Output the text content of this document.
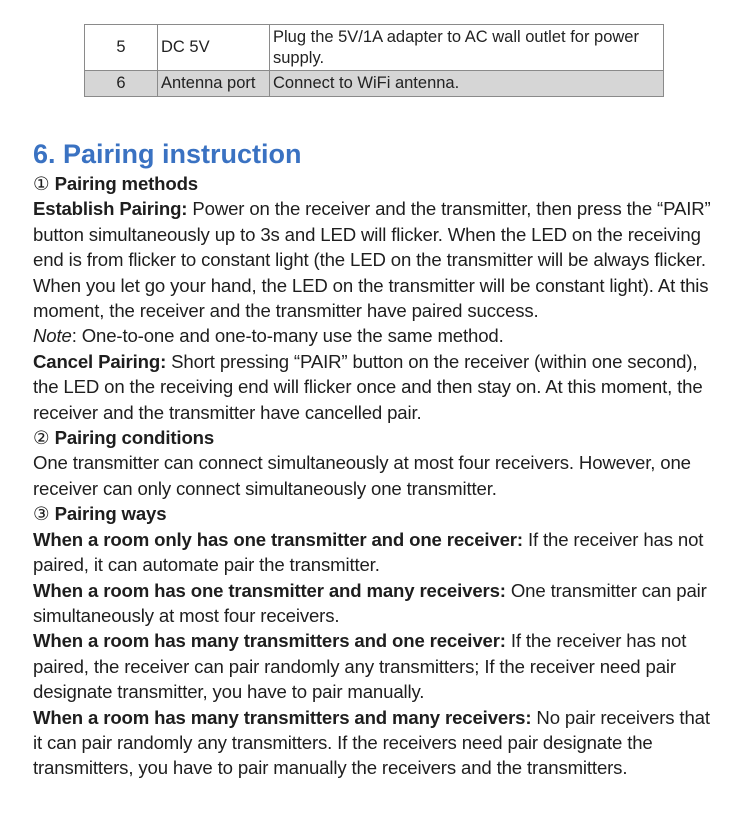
5	DC 5V	Plug the 5V/1A adapter to AC wall outlet for power supply.
6	Antenna port	Connect to WiFi antenna.
6. Pairing instruction

① Pairing methods

Establish Pairing: Power on the receiver and the transmitter, then press the “PAIR” button simultaneously up to 3s and LED will flicker. When the LED on the receiving end is from flicker to constant light (the LED on the transmitter will be always flicker. When you let go your hand, the LED on the transmitter will be constant light). At this moment, the receiver and the transmitter have paired success.

Note: One-to-one and one-to-many use the same method.

Cancel Pairing: Short pressing “PAIR” button on the receiver (within one second), the LED on the receiving end will flicker once and then stay on. At this moment, the receiver and the transmitter have cancelled pair.

② Pairing conditions

One transmitter can connect simultaneously at most four receivers. However, one receiver can only connect simultaneously one transmitter.

③ Pairing ways

When a room only has one transmitter and one receiver: If the receiver has not paired, it can automate pair the transmitter.

When a room has one transmitter and many receivers: One transmitter can pair simultaneously at most four receivers.

When a room has many transmitters and one receiver: If the receiver has not paired, the receiver can pair randomly any transmitters; If the receiver need pair designate transmitter, you have to pair manually.

When a room has many transmitters and many receivers: No pair receivers that it can pair randomly any transmitters. If the receivers need pair designate the transmitters, you have to pair manually the receivers and the transmitters.
